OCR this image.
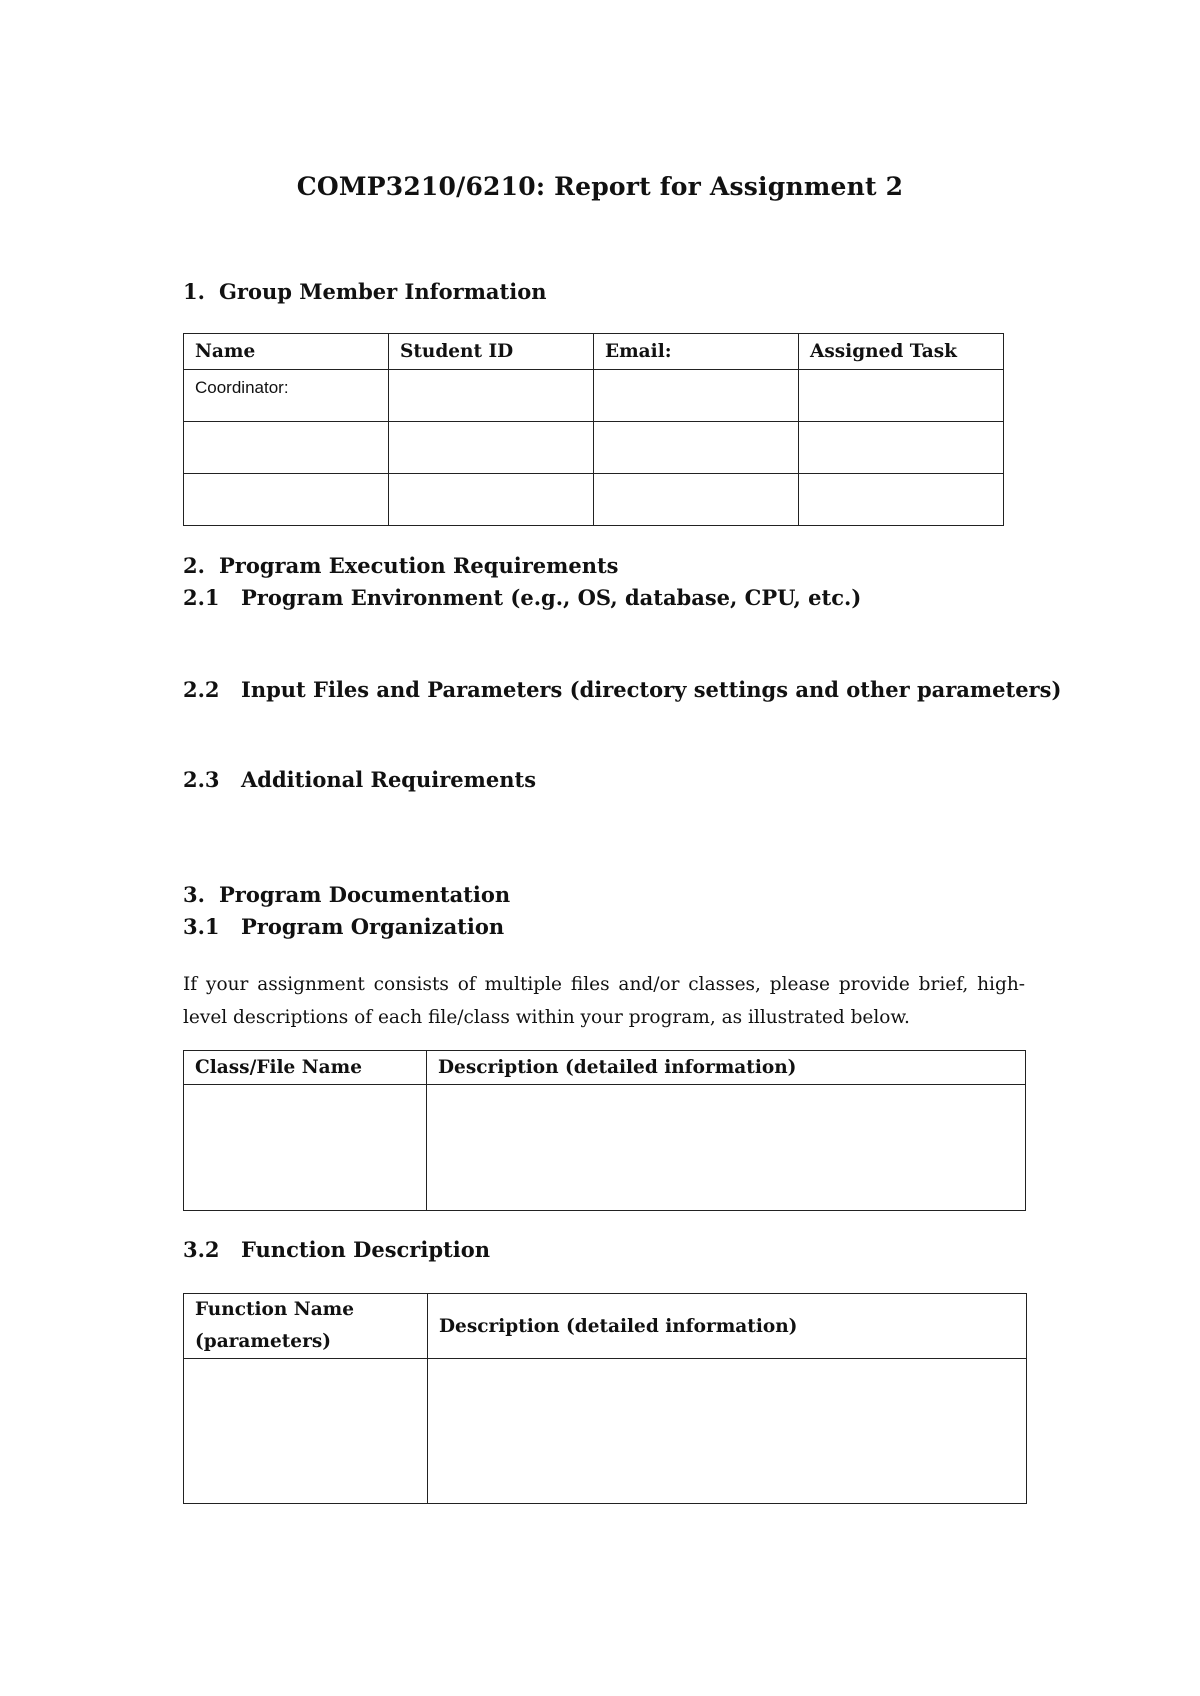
COMP3210/6210: Report for Assignment 2
1. Group Member Information
Name	Student ID	Email:	Assigned Task
Coordinator:			

2. Program Execution Requirements
2.1 Program Environment (e.g., OS, database, CPU, etc.)
2.2 Input Files and Parameters (directory settings and other parameters)
2.3 Additional Requirements
3. Program Documentation
3.1 Program Organization

If your assignment consists of multiple files and/or classes, please provide brief, high-level descriptions of each file/class within your program, as illustrated below.

Class/File Name	Description (detailed information)

3.2 Function Description
Function Name
(parameters)	Description (detailed information)
